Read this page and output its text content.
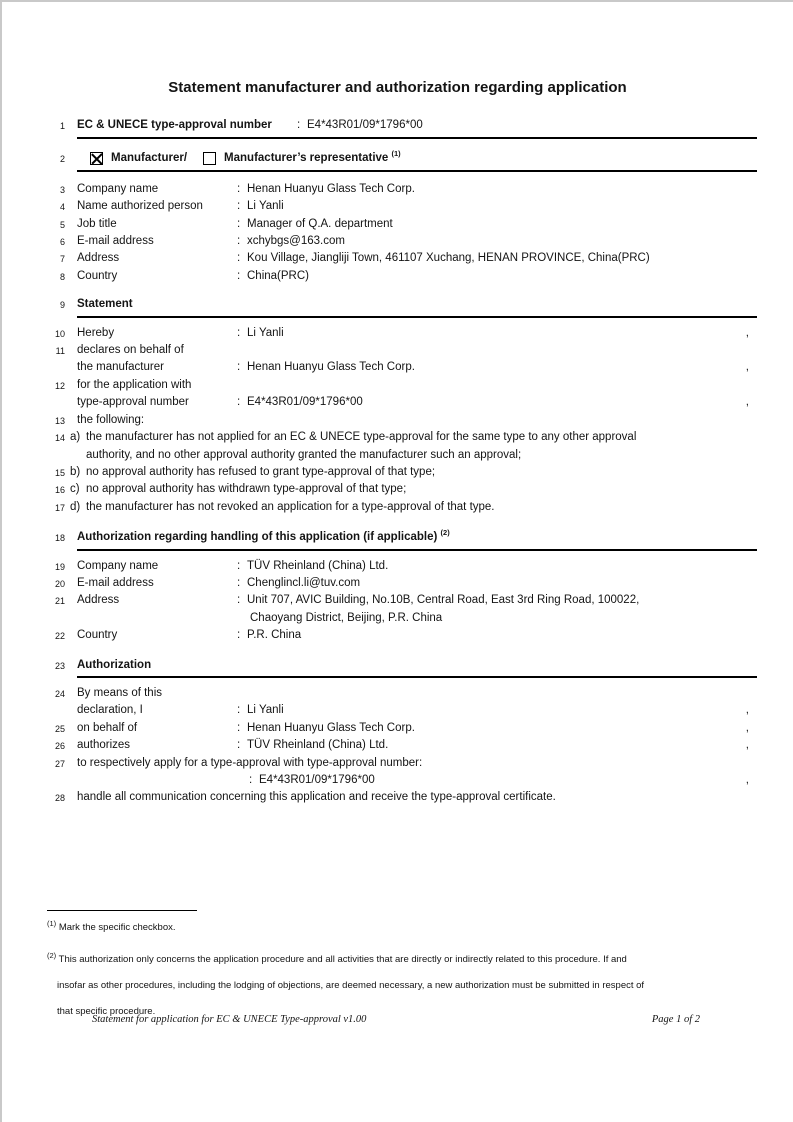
Statement manufacturer and authorization regarding application
1 EC & UNECE type-approval number	: E4*43R01/09*1796*00
2	Manufacturer/	Manufacturer’s representative $^{(1)}$
3 Company name	: Henan Huanyu Glass Tech Corp.
4 Name authorized person	: Li Yanli
5 Job title	: Manager of Q.A. department
6 E-mail address	: xchybgs@163.com
7 Address	: Kou Village, Jiangliji Town, 461107 Xuchang, HENAN PROVINCE, China(PRC)
8 Country	: China(PRC)
9 Statement
10 Hereby	: Li Yanli	,
11 declares on behalf of
the manufacturer	: Henan Huanyu Glass Tech Corp.	,
12 for the application with
type-approval number	: E4*43R01/09*1796*00	,
13 the following:
14 a) the manufacturer has not applied for an EC & UNECE type-approval for the same type to any other approval
authority, and no other approval authority granted the manufacturer such an approval;
15 b) no approval authority has refused to grant type-approval of that type;
16 c) no approval authority has withdrawn type-approval of that type;
17 d) the manufacturer has not revoked an application for a type-approval of that type.
18 Authorization regarding handling of this application (if applicable) $^{(2)}$
19 Company name	: TÜV Rheinland (China) Ltd.
20 E-mail address	: Chenglincl.li@tuv.com
21 Address	: Unit 707, AVIC Building, No.10B, Central Road, East 3rd Ring Road, 100022,
Chaoyang District, Beijing, P.R. China
22 Country	: P.R. China
23 Authorization
24 By means of this
declaration, I	: Li Yanli	,
25 on behalf of	: Henan Huanyu Glass Tech Corp.	,
26 authorizes	: TÜV Rheinland (China) Ltd.	,
27 to respectively apply for a type-approval with type-approval number:
: E4*43R01/09*1796*00	,
28 handle all communication concerning this application and receive the type-approval certificate.
$^{(1)}$ Mark the specific checkbox.
$^{(2)}$ This authorization only concerns the application procedure and all activities that are directly or indirectly related to this procedure. If and
insofar as other procedures, including the lodging of objections, are deemed necessary, a new authorization must be submitted in respect of
that specific procedure.
Statement for application for EC & UNECE Type-approval v1.00	Page 1 of 2
